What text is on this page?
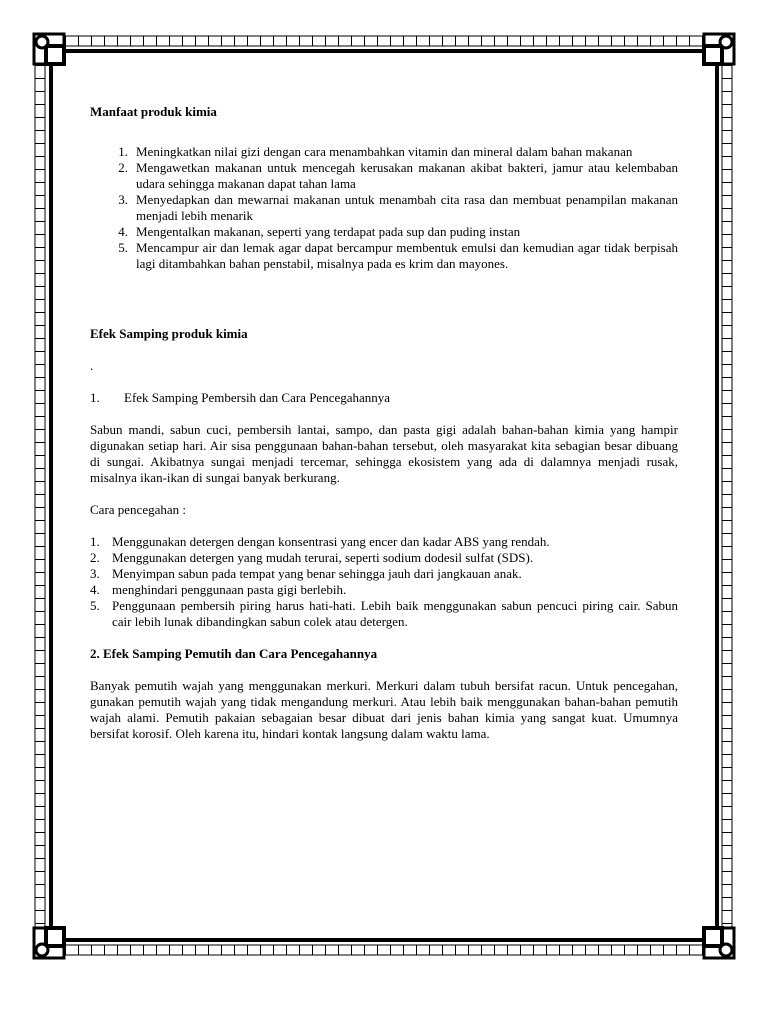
Manfaat produk kimia

1. Meningkatkan nilai gizi dengan cara menambahkan vitamin dan mineral dalam bahan makanan
2. Mengawetkan makanan untuk mencegah kerusakan makanan akibat bakteri, jamur atau kelembaban udara sehingga makanan dapat tahan lama
3. Menyedapkan dan mewarnai makanan untuk menambah cita rasa dan membuat penampilan makanan menjadi lebih menarik
4. Mengentalkan makanan, seperti yang terdapat pada sup dan puding instan
5. Mencampur air dan lemak agar dapat bercampur membentuk emulsi dan kemudian agar tidak berpisah lagi ditambahkan bahan penstabil, misalnya pada es krim dan mayones.

Efek Samping produk kimia

.

1.	Efek Samping Pembersih dan Cara Pencegahannya

Sabun mandi, sabun cuci, pembersih lantai, sampo, dan pasta gigi adalah bahan-bahan kimia yang hampir digunakan setiap hari. Air sisa penggunaan bahan-bahan tersebut, oleh masyarakat kita sebagian besar dibuang di sungai. Akibatnya sungai menjadi tercemar, sehingga ekosistem yang ada di dalamnya menjadi rusak, misalnya ikan-ikan di sungai banyak berkurang.

Cara pencegahan :

1. Menggunakan detergen dengan konsentrasi yang encer dan kadar ABS yang rendah.
2. Menggunakan detergen yang mudah terurai, seperti sodium dodesil sulfat (SDS).
3. Menyimpan sabun pada tempat yang benar sehingga jauh dari jangkauan anak.
4. menghindari penggunaan pasta gigi berlebih.
5. Penggunaan pembersih piring harus hati-hati. Lebih baik menggunakan sabun pencuci piring cair. Sabun cair lebih lunak dibandingkan sabun colek atau detergen.

2. Efek Samping Pemutih dan Cara Pencegahannya

Banyak pemutih wajah yang menggunakan merkuri. Merkuri dalam tubuh bersifat racun. Untuk pencegahan, gunakan pemutih wajah yang tidak mengandung merkuri. Atau lebih baik menggunakan bahan-bahan pemutih wajah alami. Pemutih pakaian sebagaian besar dibuat dari jenis bahan kimia yang sangat kuat. Umumnya bersifat korosif. Oleh karena itu, hindari kontak langsung dalam waktu lama.
